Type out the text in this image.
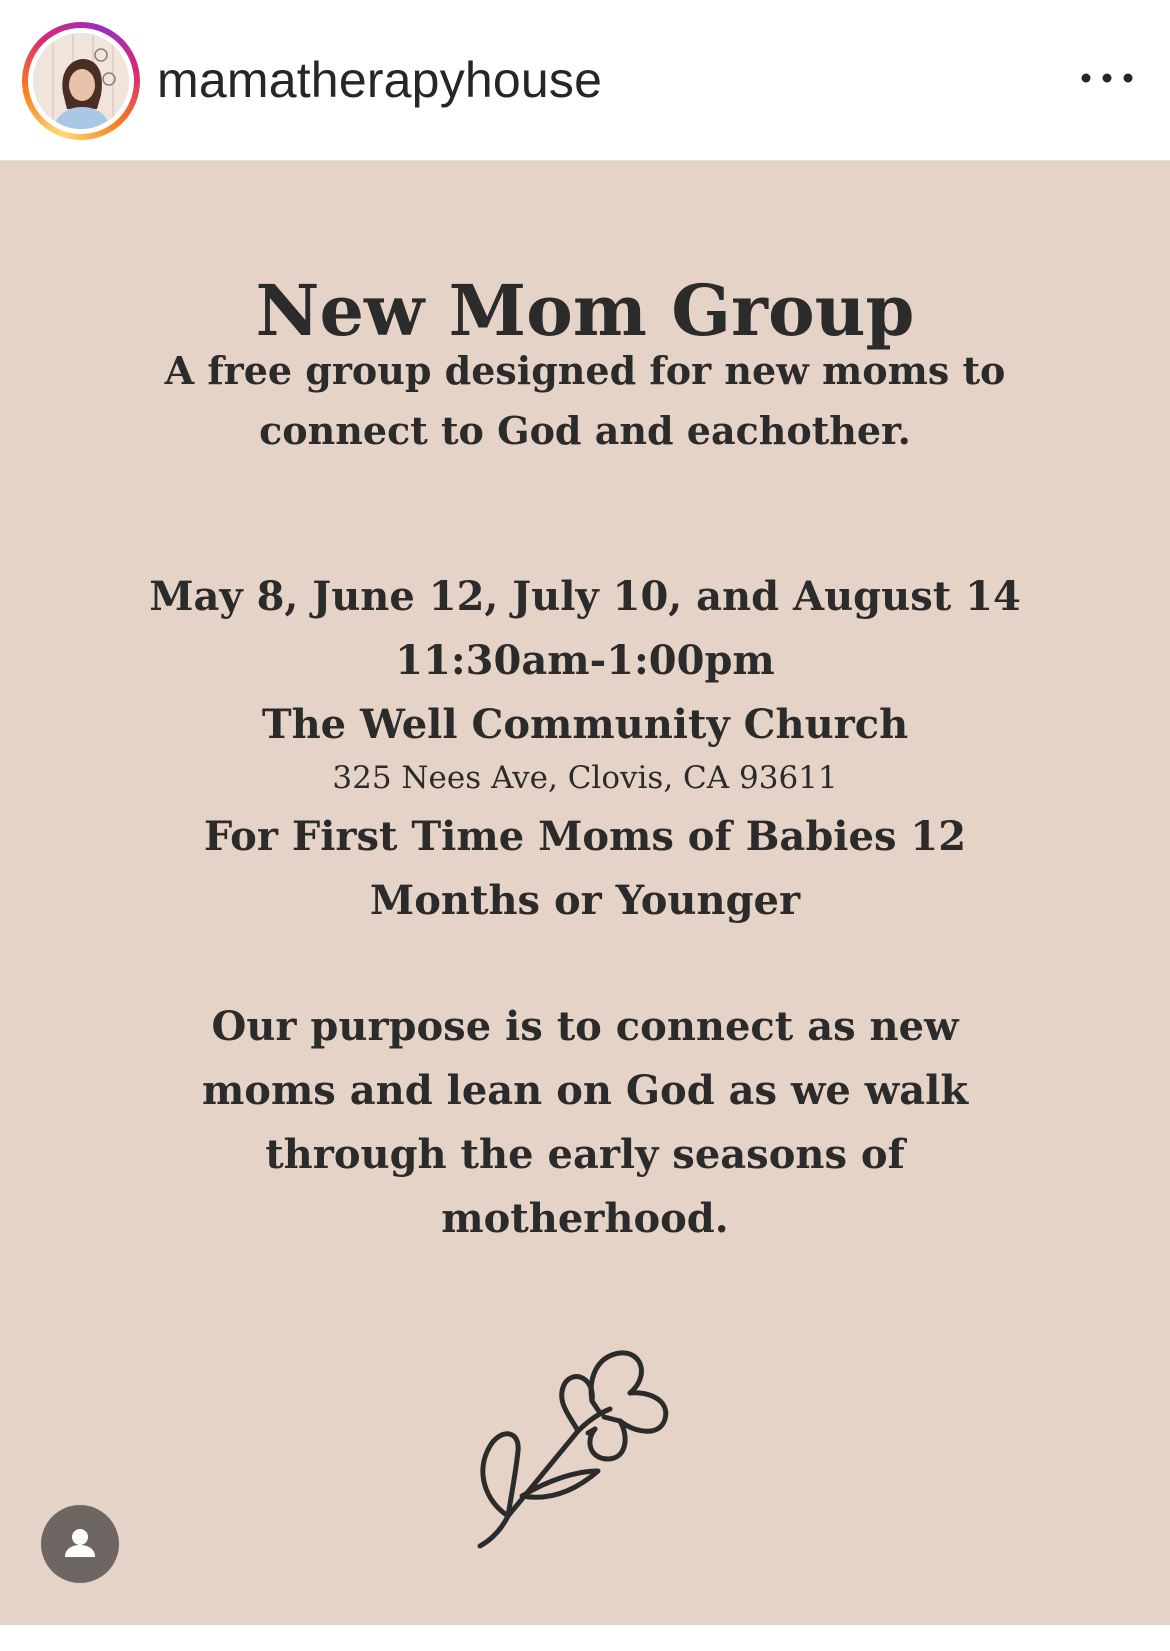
mamatherapyhouse
New Mom Group
A free group designed for new moms to
connect to God and eachother.
May 8, June 12, July 10, and August 14
11:30am-1:00pm
The Well Community Church
325 Nees Ave, Clovis, CA 93611
For First Time Moms of Babies 12
Months or Younger
Our purpose is to connect as new
moms and lean on God as we walk
through the early seasons of
motherhood.
